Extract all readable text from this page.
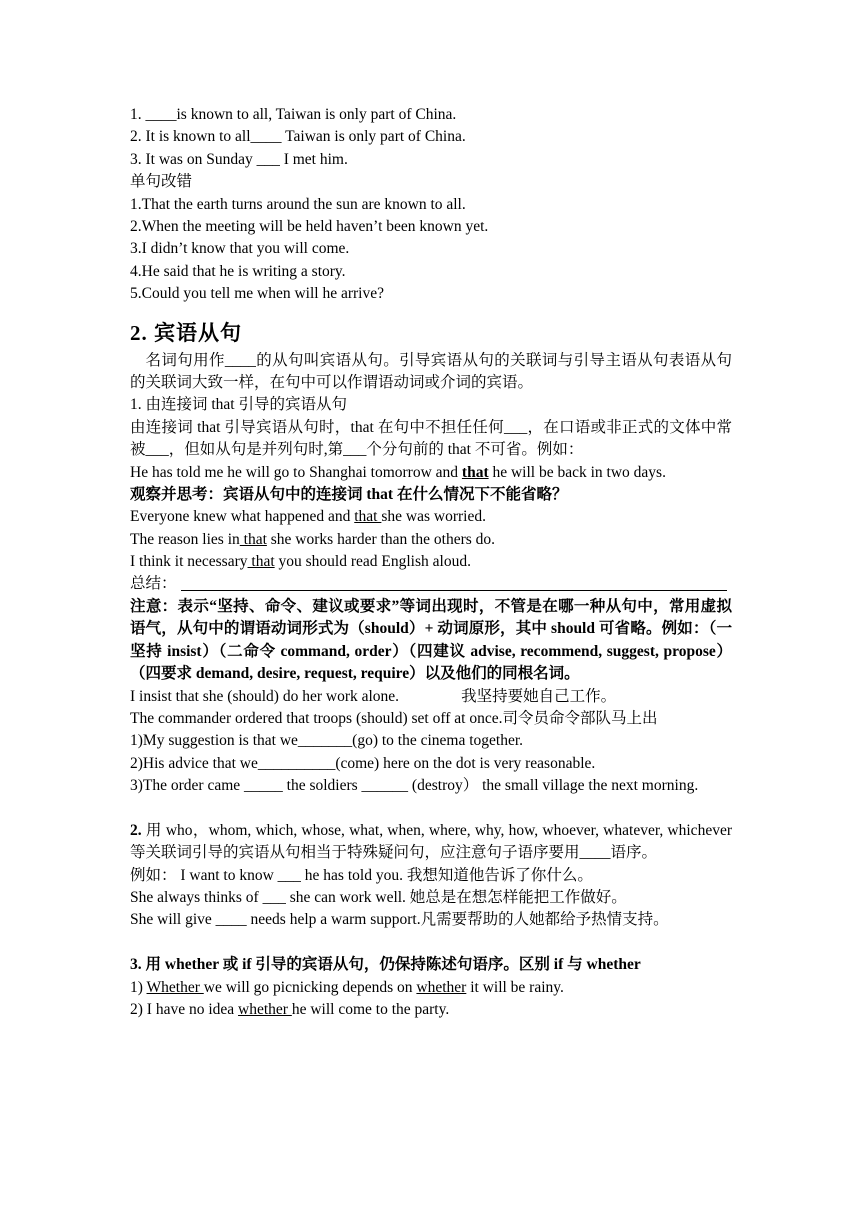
1. ____is known to all, Taiwan is only part of China.
2. It is known to all____ Taiwan is only part of China.
3. It was on Sunday ___ I met him.
单句改错
1.That the earth turns around the sun are known to all.
2.When the meeting will be held haven’t been known yet.
3.I didn’t know that you will come.
4.He said that he is writing a story.
5.Could you tell me when will he arrive?
2. 宾语从句
名词句用作____的从句叫宾语从句。引导宾语从句的关联词与引导主语从句表语从句的关联词大致一样，在句中可以作谓语动词或介词的宾语。
1. 由连接词 that 引导的宾语从句
由连接词 that 引导宾语从句时，that 在句中不担任任何___，在口语或非正式的文体中常被___，但如从句是并列句时,第___个分句前的 that 不可省。例如：
He has told me he will go to Shanghai tomorrow and that he will be back in two days.
观察并思考：宾语从句中的连接词 that 在什么情况下不能省略？
Everyone knew what happened and that she was worried.
The reason lies in that she works harder than the others do.
I think it necessary that you should read English aloud.
总结：
注意：表示“坚持、命令、建议或要求”等词出现时，不管是在哪一种从句中，常用虚拟语气，从句中的谓语动词形式为（should）+ 动词原形，其中 should 可省略。例如：（一坚持 insist）（二命令 command, order）（四建议 advise, recommend, suggest, propose）（四要求 demand, desire, request, require）以及他们的同根名词。
I insist that she (should) do her work alone.	我坚持要她自己工作。
The commander ordered that troops (should) set off at once.司令员命令部队马上出
1)My suggestion is that we_______(go) to the cinema together.
2)His advice that we__________(come) here on the dot is very reasonable.
3)The order came _____ the soldiers ______ (destroy） the small village the next morning.
2. 用 who，whom, which, whose, what, when, where, why, how, whoever, whatever, whichever 等关联词引导的宾语从句相当于特殊疑问句，应注意句子语序要用____语序。
例如： I want to know ___ he has told you. 我想知道他告诉了你什么。
She always thinks of ___ she can work well. 她总是在想怎样能把工作做好。
She will give ____ needs help a warm support.凡需要帮助的人她都给予热情支持。
3. 用 whether 或 if 引导的宾语从句，仍保持陈述句语序。区别 if 与 whether
1) Whether we will go picnicking depends on whether it will be rainy.
2) I have no idea whether he will come to the party.
